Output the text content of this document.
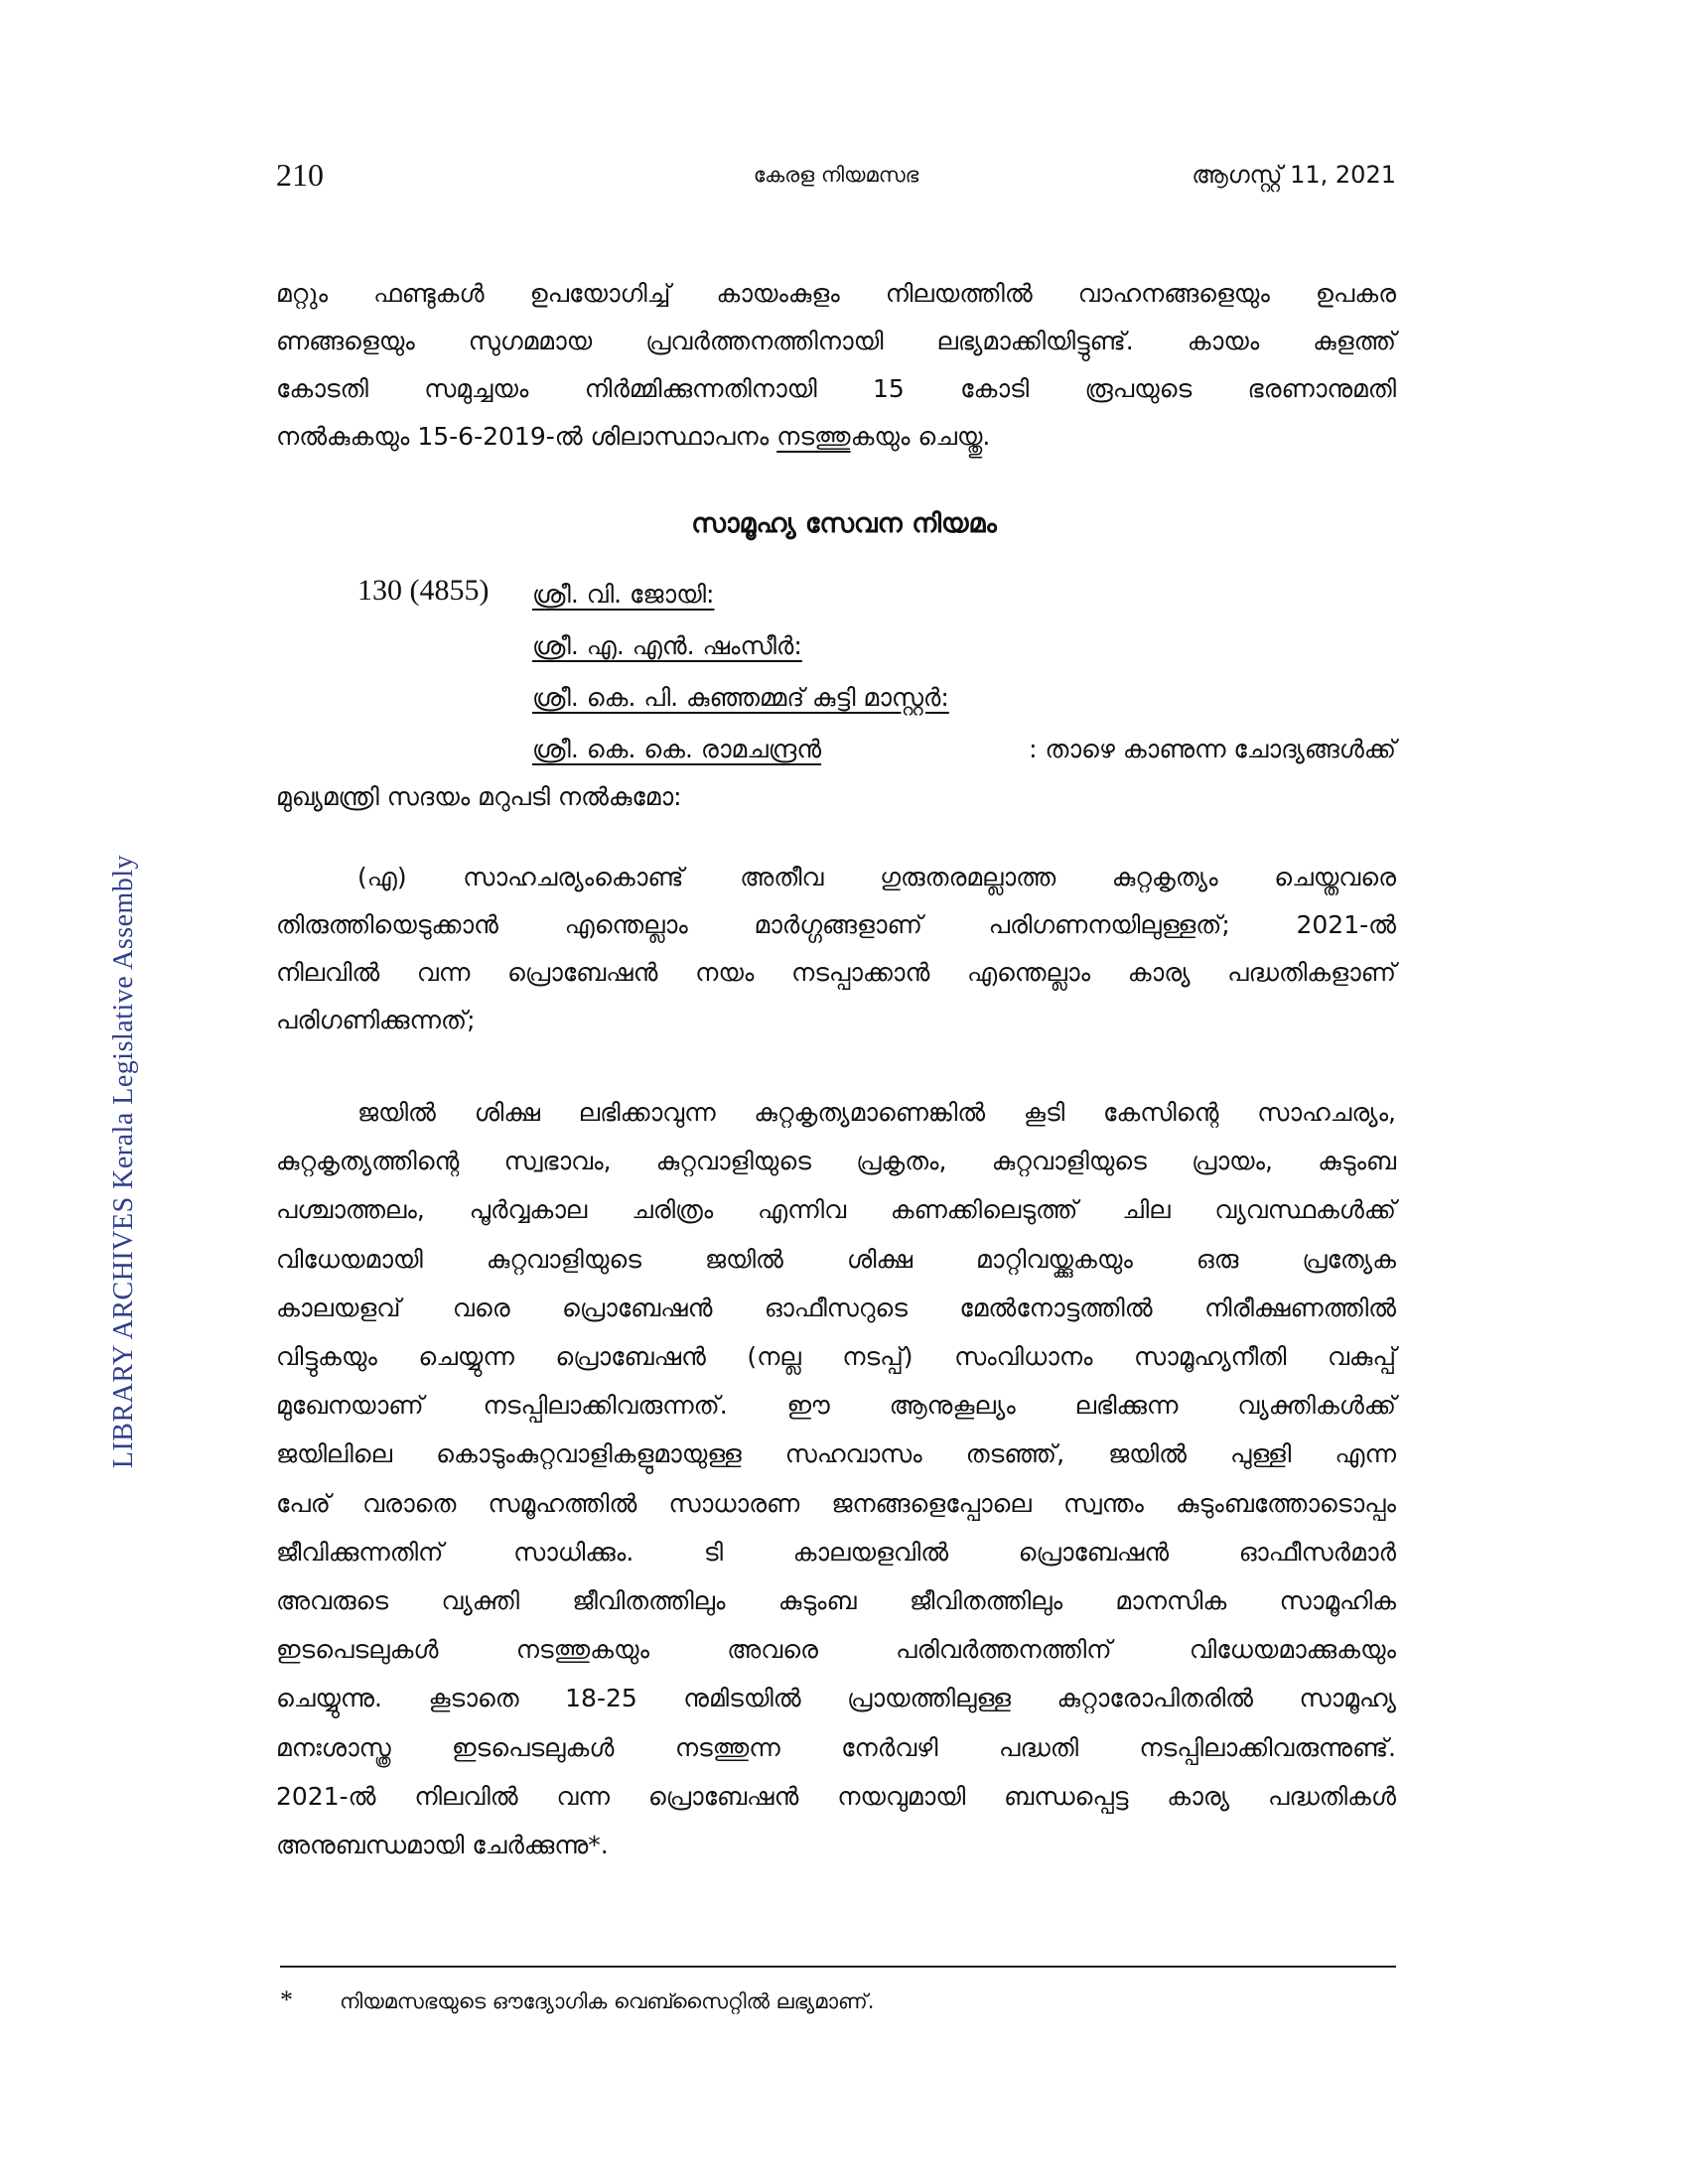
LIBRARY ARCHIVES Kerala Legislative Assembly
210	കേരള നിയമസഭ	ആഗസ്റ്റ് 11, 2021
മറ്റും ഫണ്ടുകൾ ഉപയോഗിച്ച് കായംകുളം നിലയത്തിൽ വാഹനങ്ങളെയും ഉപകര
ണങ്ങളെയും സുഗമമായ പ്രവർത്തനത്തിനായി ലഭ്യമാക്കിയിട്ടുണ്ട്. കായം കുളത്ത്
കോടതി സമുച്ചയം നിർമ്മിക്കുന്നതിനായി 15 കോടി രൂപയുടെ ഭരണാനുമതി
നൽകുകയും 15-6-2019-ൽ ശിലാസ്ഥാപനം നടത്തുകയും ചെയ്തു.
സാമൂഹ്യ സേവന നിയമം
130 (4855) ശ്രീ. വി. ജോയി:
ശ്രീ. എ. എൻ. ഷംസീർ:
ശ്രീ. കെ. പി. കുഞ്ഞമ്മദ് കുട്ടി മാസ്റ്റർ:
ശ്രീ. കെ. കെ. രാമചന്ദ്രൻ	: താഴെ കാണുന്ന ചോദ്യങ്ങൾക്ക്
മുഖ്യമന്ത്രി സദയം മറുപടി നൽകുമോ:
(എ) സാഹചര്യംകൊണ്ട് അതീവ ഗുരുതരമല്ലാത്ത കുറ്റകൃത്യം ചെയ്തവരെ
തിരുത്തിയെടുക്കാൻ എന്തെല്ലാം മാർഗ്ഗങ്ങളാണ് പരിഗണനയിലുള്ളത്; 2021-ൽ
നിലവിൽ വന്ന പ്രൊബേഷൻ നയം നടപ്പാക്കാൻ എന്തെല്ലാം കാര്യ പദ്ധതികളാണ്
പരിഗണിക്കുന്നത്;
ജയിൽ ശിക്ഷ ലഭിക്കാവുന്ന കുറ്റകൃത്യമാണെങ്കിൽ കൂടി കേസിന്റെ സാഹചര്യം,
കുറ്റകൃത്യത്തിന്റെ സ്വഭാവം, കുറ്റവാളിയുടെ പ്രകൃതം, കുറ്റവാളിയുടെ പ്രായം, കുടുംബ
പശ്ചാത്തലം, പൂർവ്വകാല ചരിത്രം എന്നിവ കണക്കിലെടുത്ത് ചില വ്യവസ്ഥകൾക്ക്
വിധേയമായി കുറ്റവാളിയുടെ ജയിൽ ശിക്ഷ മാറ്റിവയ്ക്കുകയും ഒരു പ്രത്യേക
കാലയളവ് വരെ പ്രൊബേഷൻ ഓഫീസറുടെ മേൽനോട്ടത്തിൽ നിരീക്ഷണത്തിൽ
വിട്ടുകയും ചെയ്യുന്ന പ്രൊബേഷൻ (നല്ല നടപ്പ്) സംവിധാനം സാമൂഹ്യനീതി വകുപ്പ്
മുഖേനയാണ് നടപ്പിലാക്കിവരുന്നത്. ഈ ആനുകൂല്യം ലഭിക്കുന്ന വ്യക്തികൾക്ക്
ജയിലിലെ കൊടുംകുറ്റവാളികളുമായുള്ള സഹവാസം തടഞ്ഞ്, ജയിൽ പുള്ളി എന്ന
പേര് വരാതെ സമൂഹത്തിൽ സാധാരണ ജനങ്ങളെപ്പോലെ സ്വന്തം കുടുംബത്തോടൊപ്പം
ജീവിക്കുന്നതിന് സാധിക്കും. ടി കാലയളവിൽ പ്രൊബേഷൻ ഓഫീസർമാർ
അവരുടെ വ്യക്തി ജീവിതത്തിലും കുടുംബ ജീവിതത്തിലും മാനസിക സാമൂഹിക
ഇടപെടലുകൾ നടത്തുകയും അവരെ പരിവർത്തനത്തിന് വിധേയമാക്കുകയും
ചെയ്യുന്നു. കൂടാതെ 18-25 നുമിടയിൽ പ്രായത്തിലുള്ള കുറ്റാരോപിതരിൽ സാമൂഹ്യ
മനഃശാസ്ത്ര ഇടപെടലുകൾ നടത്തുന്ന നേർവഴി പദ്ധതി നടപ്പിലാക്കിവരുന്നുണ്ട്.
2021-ൽ നിലവിൽ വന്ന പ്രൊബേഷൻ നയവുമായി ബന്ധപ്പെട്ട കാര്യ പദ്ധതികൾ
അനുബന്ധമായി ചേർക്കുന്നു*.
* നിയമസഭയുടെ ഔദ്യോഗിക വെബ്സൈറ്റിൽ ലഭ്യമാണ്.
